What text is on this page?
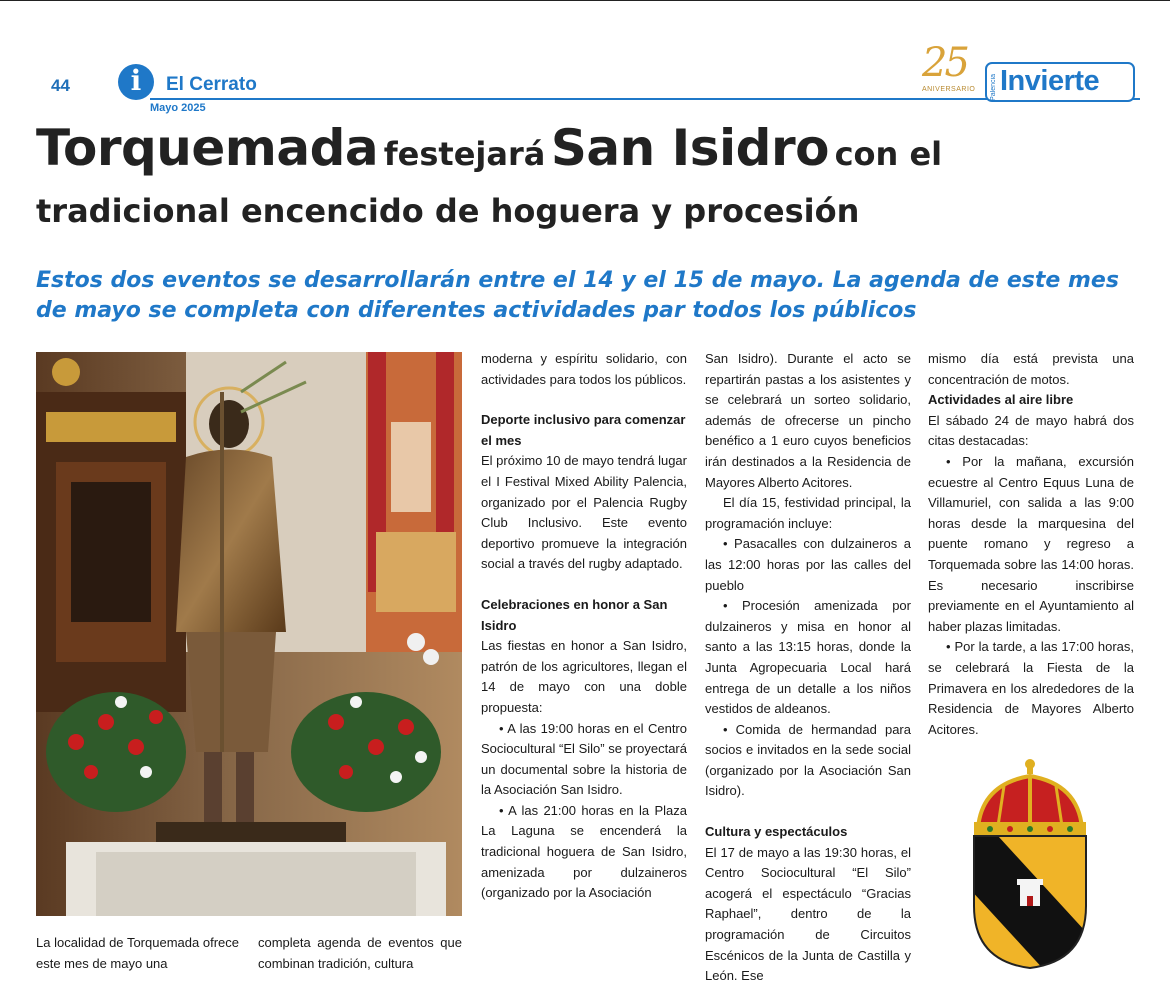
44	i	El Cerrato
Mayo 2025
25
ANIVERSARIO Palencia Invierte
Torquemada festejará San Isidro con el
tradicional encencido de hoguera y procesión
Estos dos eventos se desarrollarán entre el 14 y el 15 de mayo. La agenda de este mes de mayo se completa con diferentes actividades par todos los públicos

La localidad de Torquemada ofrece este mes de mayo una

completa agenda de eventos que combinan tradición, cultura

moderna y espíritu solidario, con actividades para todos los públicos.

Deporte inclusivo para comenzar el mes

El próximo 10 de mayo tendrá lugar el I Festival Mixed Ability Palencia, organizado por el Palencia Rugby Club Inclusivo. Este evento deportivo promueve la integración social a través del rugby adaptado.

Celebraciones en honor a San Isidro

Las fiestas en honor a San Isidro, patrón de los agricultores, llegan el 14 de mayo con una doble propuesta:

• A las 19:00 horas en el Centro Sociocultural “El Silo” se proyectará un documental sobre la historia de la Asociación San Isidro.

• A las 21:00 horas en la Plaza La Laguna se encenderá la tradicional hoguera de San Isidro, amenizada por dulzaineros (organizado por la Asociación

San Isidro). Durante el acto se repartirán pastas a los asistentes y se celebrará un sorteo solidario, además de ofrecerse un pincho benéfico a 1 euro cuyos beneficios irán destinados a la Residencia de Mayores Alberto Acitores.

El día 15, festividad principal, la programación incluye:

• Pasacalles con dulzaineros a las 12:00 horas por las calles del pueblo

• Procesión amenizada por dulzaineros y misa en honor al santo a las 13:15 horas, donde la Junta Agropecuaria Local hará entrega de un detalle a los niños vestidos de aldeanos.

• Comida de hermandad para socios e invitados en la sede social (organizado por la Asociación San Isidro).

Cultura y espectáculos

El 17 de mayo a las 19:30 horas, el Centro Sociocultural “El Silo” acogerá el espectáculo “Gracias Raphael”, dentro de la programación de Circuitos Escénicos de la Junta de Castilla y León. Ese

mismo día está prevista una concentración de motos.

Actividades al aire libre

El sábado 24 de mayo habrá dos citas destacadas:

• Por la mañana, excursión ecuestre al Centro Equus Luna de Villamuriel, con salida a las 9:00 horas desde la marquesina del puente romano y regreso a Torquemada sobre las 14:00 horas. Es necesario inscribirse previamente en el Ayuntamiento al haber plazas limitadas.

• Por la tarde, a las 17:00 horas, se celebrará la Fiesta de la Primavera en los alrededores de la Residencia de Mayores Alberto Acitores.
